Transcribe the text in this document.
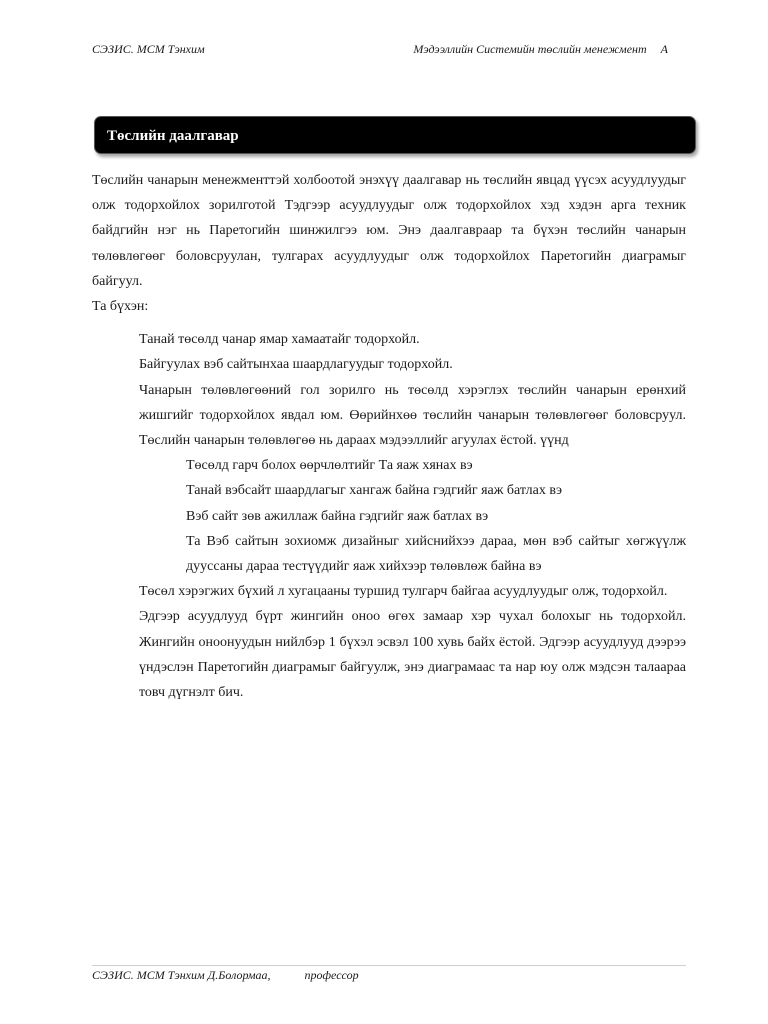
СЭЗИС. МСМ Тэнхим	Мэдээллийн Системийн төслийн менежмент A
Төслийн даалгавар

Төслийн чанарын менежменттэй холбоотой энэхүү даалгавар нь төслийн явцад үүсэх асуудлуудыг олж тодорхойлох зорилготой Тэдгээр асуудлуудыг олж тодорхойлох хэд хэдэн арга техник байдгийн нэг нь Паретогийн шинжилгээ юм. Энэ даалгавраар та бүхэн төслийн чанарын төлөвлөгөөг боловсруулан, тулгарах асуудлуудыг олж тодорхойлох Паретогийн диаграмыг байгуул.

Та бүхэн:

Танай төсөлд чанар ямар хамаатайг тодорхойл.

Байгуулах вэб сайтынхаа шаардлагуудыг тодорхойл.

Чанарын төлөвлөгөөний гол зорилго нь төсөлд хэрэглэх төслийн чанарын ерөнхий жишгийг тодорхойлох явдал юм. Өөрийнхөө төслийн чанарын төлөвлөгөөг боловсруул. Төслийн чанарын төлөвлөгөө нь дараах мэдээллийг агуулах ёстой. үүнд

Төсөлд гарч болох өөрчлөлтийг Та яаж хянах вэ

Танай вэбсайт шаардлагыг хангаж байна гэдгийг яаж батлах вэ

Вэб сайт зөв ажиллаж байна гэдгийг яаж батлах вэ

Та Вэб сайтын зохиомж дизайныг хийснийхээ дараа, мөн вэб сайтыг хөгжүүлж дууссаны дараа тестүүдийг яаж хийхээр төлөвлөж байна вэ

Төсөл хэрэгжих бүхий л хугацааны туршид тулгарч байгаа асуудлуудыг олж, тодорхойл.

Эдгээр асуудлууд бүрт жингийн оноо өгөх замаар хэр чухал болохыг нь тодорхойл. Жингийн оноонуудын нийлбэр 1 бүхэл эсвэл 100 хувь байх ёстой. Эдгээр асуудлууд дээрээ үндэслэн Паретогийн диаграмыг байгуулж, энэ диаграмаас та нар юу олж мэдсэн талаараа товч дүгнэлт бич.

СЭЗИС. МСМ Тэнхим Д.Болормаа,	профессор
